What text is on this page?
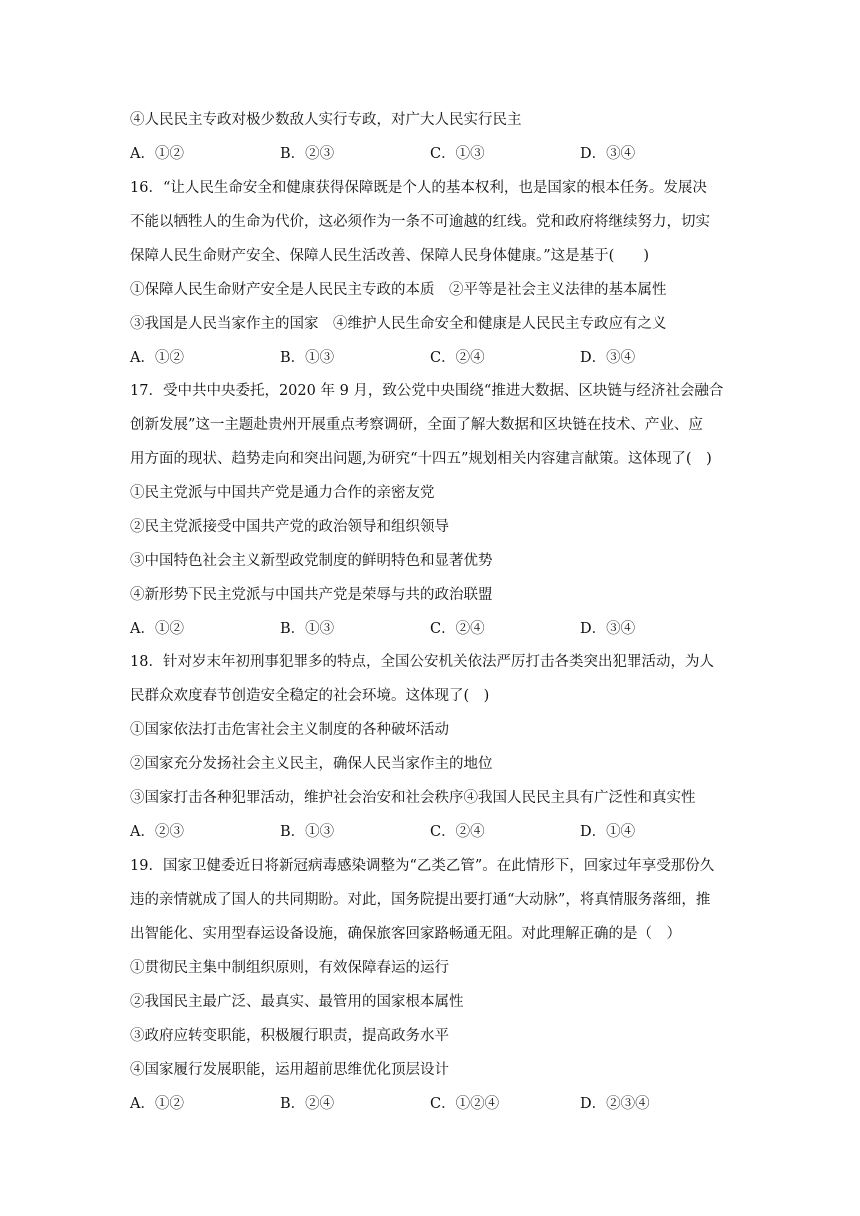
④人民民主专政对极少数敌人实行专政，对广大人民实行民主
A．①②	B．②③	C．①③	D．③④
16．“让人民生命安全和健康获得保障既是个人的基本权利，也是国家的根本任务。发展决
不能以牺牲人的生命为代价，这必须作为一条不可逾越的红线。党和政府将继续努力，切实
保障人民生命财产安全、保障人民生活改善、保障人民身体健康。”这是基于(　　)
①保障人民生命财产安全是人民民主专政的本质　②平等是社会主义法律的基本属性
③我国是人民当家作主的国家　④维护人民生命安全和健康是人民民主专政应有之义
A．①②	B．①③	C．②④	D．③④
17．受中共中央委托，2020 年 9 月，致公党中央围绕“推进大数据、区块链与经济社会融合
创新发展”这一主题赴贵州开展重点考察调研，全面了解大数据和区块链在技术、产业、应
用方面的现状、趋势走向和突出问题,为研究“十四五”规划相关内容建言献策。这体现了(　)
①民主党派与中国共产党是通力合作的亲密友党
②民主党派接受中国共产党的政治领导和组织领导
③中国特色社会主义新型政党制度的鲜明特色和显著优势
④新形势下民主党派与中国共产党是荣辱与共的政治联盟
A．①②	B．①③	C．②④	D．③④
18．针对岁末年初刑事犯罪多的特点，全国公安机关依法严厉打击各类突出犯罪活动，为人
民群众欢度春节创造安全稳定的社会环境。这体现了(　)
①国家依法打击危害社会主义制度的各种破坏活动
②国家充分发扬社会主义民主，确保人民当家作主的地位
③国家打击各种犯罪活动，维护社会治安和社会秩序④我国人民民主具有广泛性和真实性
A．②③	B．①③	C．②④	D．①④
19．国家卫健委近日将新冠病毒感染调整为“乙类乙管”。在此情形下，回家过年享受那份久
违的亲情就成了国人的共同期盼。对此，国务院提出要打通“大动脉”，将真情服务落细，推
出智能化、实用型春运设备设施，确保旅客回家路畅通无阻。对此理解正确的是（　）
①贯彻民主集中制组织原则，有效保障春运的运行
②我国民主最广泛、最真实、最管用的国家根本属性
③政府应转变职能，积极履行职责，提高政务水平
④国家履行发展职能，运用超前思维优化顶层设计
A．①②	B．②④	C．①②④	D．②③④
